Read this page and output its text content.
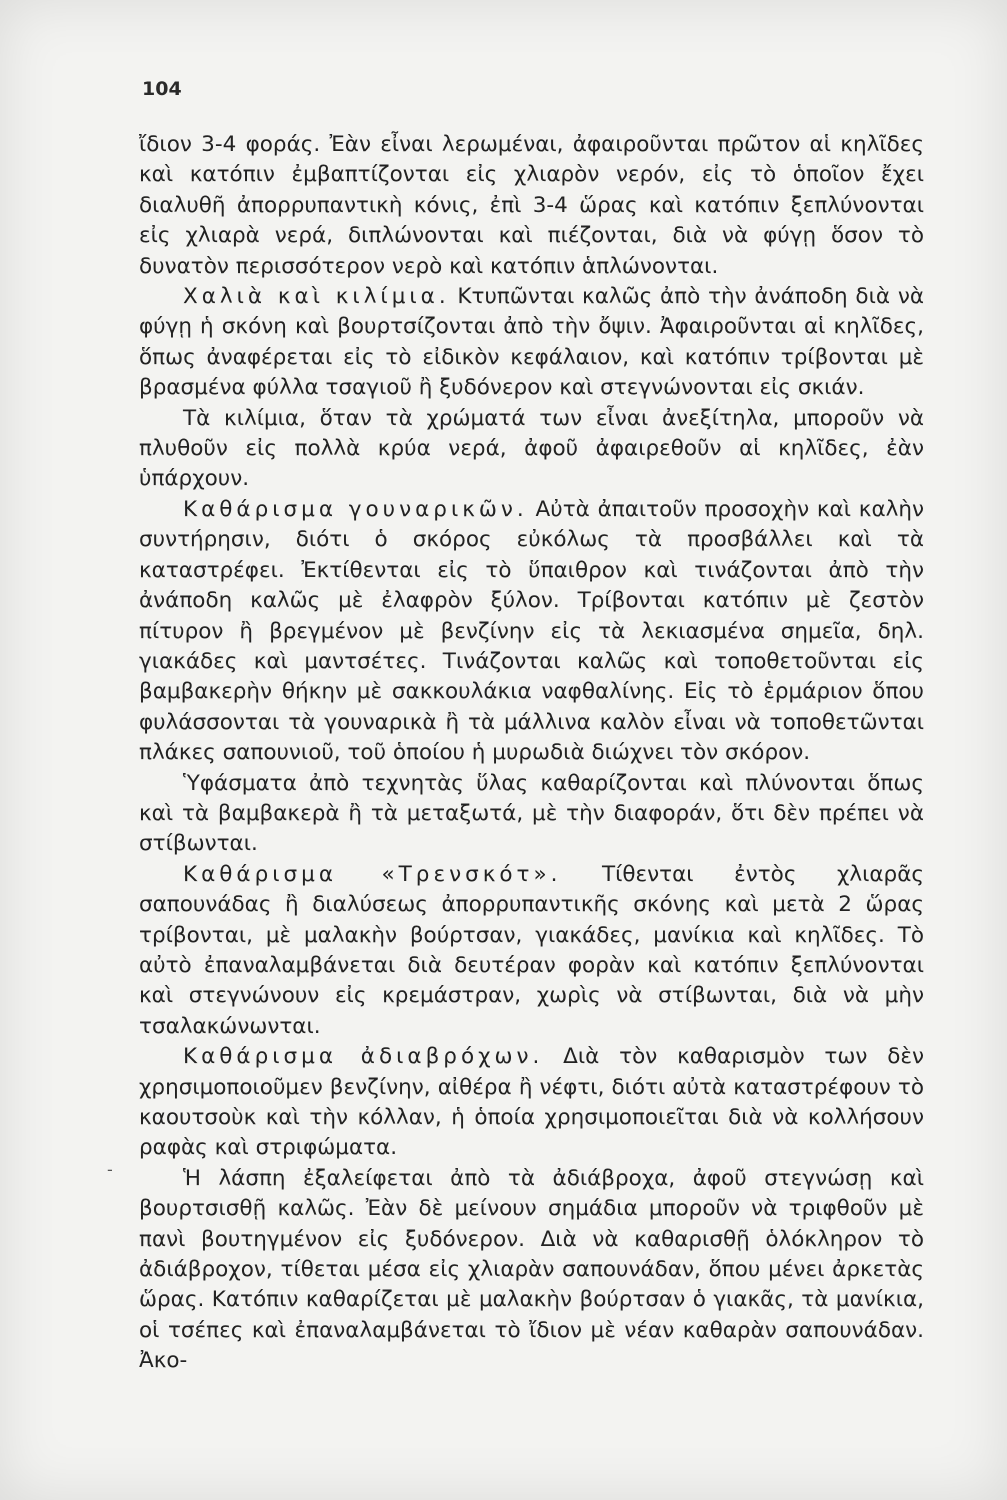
104

ἴδιον 3-4 φοράς. Ἐὰν εἶναι λερωμέναι, ἀφαιροῦνται πρῶτον αἱ κηλῖδες καὶ κατόπιν ἐμβαπτίζονται εἰς χλιαρὸν νερόν, εἰς τὸ ὁποῖον ἔχει διαλυθῆ ἀπορρυπαντικὴ κόνις, ἐπὶ 3-4 ὥρας καὶ κατόπιν ξεπλύνονται εἰς χλιαρὰ νερά, διπλώνονται καὶ πιέζονται, διὰ νὰ φύγῃ ὅσον τὸ δυνατὸν περισσότερον νερὸ καὶ κατόπιν ἁπλώνονται.

Χαλιὰ καὶ κιλίμια. Κτυπῶνται καλῶς ἀπὸ τὴν ἀνάποδη διὰ νὰ φύγῃ ἡ σκόνη καὶ βουρτσίζονται ἀπὸ τὴν ὄψιν. Ἀφαιροῦνται αἱ κηλῖδες, ὅπως ἀναφέρεται εἰς τὸ εἰδικὸν κεφάλαιον, καὶ κατόπιν τρίβονται μὲ βρασμένα φύλλα τσαγιοῦ ἢ ξυδόνερον καὶ στεγνώνονται εἰς σκιάν.

Τὰ κιλίμια, ὅταν τὰ χρώματά των εἶναι ἀνεξίτηλα, μποροῦν νὰ πλυθοῦν εἰς πολλὰ κρύα νερά, ἀφοῦ ἀφαιρεθοῦν αἱ κηλῖδες, ἐὰν ὑπάρχουν.

Καθάρισμα γουναρικῶν. Αὐτὰ ἀπαιτοῦν προσοχὴν καὶ καλὴν συντήρησιν, διότι ὁ σκόρος εὐκόλως τὰ προσβάλλει καὶ τὰ καταστρέφει. Ἐκτίθενται εἰς τὸ ὕπαιθρον καὶ τινάζονται ἀπὸ τὴν ἀνάποδη καλῶς μὲ ἐλαφρὸν ξύλον. Τρίβονται κατόπιν μὲ ζεστὸν πίτυρον ἢ βρεγμένον μὲ βενζίνην εἰς τὰ λεκιασμένα σημεῖα, δηλ. γιακάδες καὶ μαντσέτες. Τινάζονται καλῶς καὶ τοποθετοῦνται εἰς βαμβακερὴν θήκην μὲ σακκουλάκια ναφθαλίνης. Εἰς τὸ ἑρμάριον ὅπου φυλάσσονται τὰ γουναρικὰ ἢ τὰ μάλλινα καλὸν εἶναι νὰ τοποθετῶνται πλάκες σαπουνιοῦ, τοῦ ὁποίου ἡ μυρωδιὰ διώχνει τὸν σκόρον.

Ὑφάσματα ἀπὸ τεχνητὰς ὕλας καθαρίζονται καὶ πλύνονται ὅπως καὶ τὰ βαμβακερὰ ἢ τὰ μεταξωτά, μὲ τὴν διαφοράν, ὅτι δὲν πρέπει νὰ στίβωνται.

Καθάρισμα «Τρενσκότ». Τίθενται ἐντὸς χλιαρᾶς σαπουνάδας ἢ διαλύσεως ἀπορρυπαντικῆς σκόνης καὶ μετὰ 2 ὥρας τρίβονται, μὲ μαλακὴν βούρτσαν, γιακάδες, μανίκια καὶ κηλῖδες. Τὸ αὐτὸ ἐπαναλαμβάνεται διὰ δευτέραν φορὰν καὶ κατόπιν ξεπλύνονται καὶ στεγνώνουν εἰς κρεμάστραν, χωρὶς νὰ στίβωνται, διὰ νὰ μὴν τσαλακώνωνται.

Καθάρισμα ἀδιαβρόχων. Διὰ τὸν καθαρισμὸν των δὲν χρησιμοποιοῦμεν βενζίνην, αἰθέρα ἢ νέφτι, διότι αὐτὰ καταστρέφουν τὸ καουτσοὺκ καὶ τὴν κόλλαν, ἡ ὁποία χρησιμοποιεῖται διὰ νὰ κολλήσουν ραφὰς καὶ στριφώματα.

Ἡ λάσπη ἐξαλείφεται ἀπὸ τὰ ἀδιάβροχα, ἀφοῦ στεγνώσῃ καὶ βουρτσισθῇ καλῶς. Ἐὰν δὲ μείνουν σημάδια μποροῦν νὰ τριφθοῦν μὲ πανὶ βουτηγμένον εἰς ξυδόνερον. Διὰ νὰ καθαρισθῇ ὁλόκληρον τὸ ἀδιάβροχον, τίθεται μέσα εἰς χλιαρὰν σαπουνάδαν, ὅπου μένει ἀρκετὰς ὥρας. Κατόπιν καθαρίζεται μὲ μαλακὴν βούρτσαν ὁ γιακᾶς, τὰ μανίκια, οἱ τσέπες καὶ ἐπαναλαμβάνεται τὸ ἴδιον μὲ νέαν καθαρὰν σαπουνάδαν. Ἀκο-

-
